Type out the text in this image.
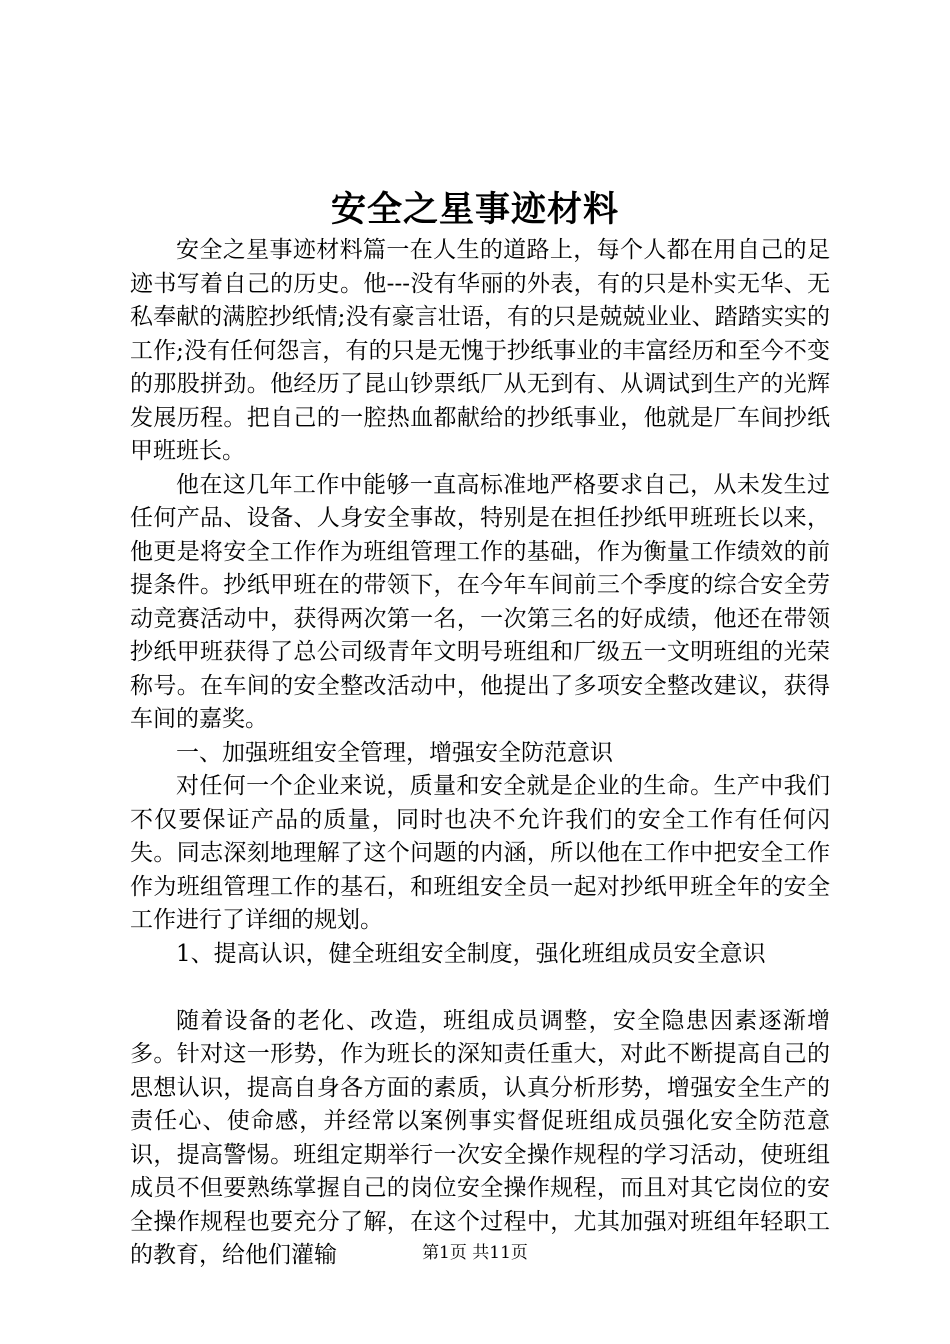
安全之星事迹材料

安全之星事迹材料篇一在人生的道路上，每个人都在用自己的足迹书写着自己的历史。他---没有华丽的外表，有的只是朴实无华、无私奉献的满腔抄纸情;没有豪言壮语，有的只是兢兢业业、踏踏实实的工作;没有任何怨言，有的只是无愧于抄纸事业的丰富经历和至今不变的那股拼劲。他经历了昆山钞票纸厂从无到有、从调试到生产的光辉发展历程。把自己的一腔热血都献给的抄纸事业，他就是厂车间抄纸甲班班长。

他在这几年工作中能够一直高标准地严格要求自己，从未发生过任何产品、设备、人身安全事故，特别是在担任抄纸甲班班长以来，他更是将安全工作作为班组管理工作的基础，作为衡量工作绩效的前提条件。抄纸甲班在的带领下，在今年车间前三个季度的综合安全劳动竞赛活动中，获得两次第一名，一次第三名的好成绩，他还在带领抄纸甲班获得了总公司级青年文明号班组和厂级五一文明班组的光荣称号。在车间的安全整改活动中，他提出了多项安全整改建议，获得车间的嘉奖。

一、加强班组安全管理，增强安全防范意识

对任何一个企业来说，质量和安全就是企业的生命。生产中我们不仅要保证产品的质量，同时也决不允许我们的安全工作有任何闪失。同志深刻地理解了这个问题的内涵，所以他在工作中把安全工作作为班组管理工作的基石，和班组安全员一起对抄纸甲班全年的安全工作进行了详细的规划。

1、提高认识，健全班组安全制度，强化班组成员安全意识

随着设备的老化、改造，班组成员调整，安全隐患因素逐渐增多。针对这一形势，作为班长的深知责任重大，对此不断提高自己的思想认识，提高自身各方面的素质，认真分析形势，增强安全生产的责任心、使命感，并经常以案例事实督促班组成员强化安全防范意识，提高警惕。班组定期举行一次安全操作规程的学习活动，使班组成员不但要熟练掌握自己的岗位安全操作规程，而且对其它岗位的安全操作规程也要充分了解，在这个过程中，尤其加强对班组年轻职工的教育，给他们灌输	第1页 共11页
